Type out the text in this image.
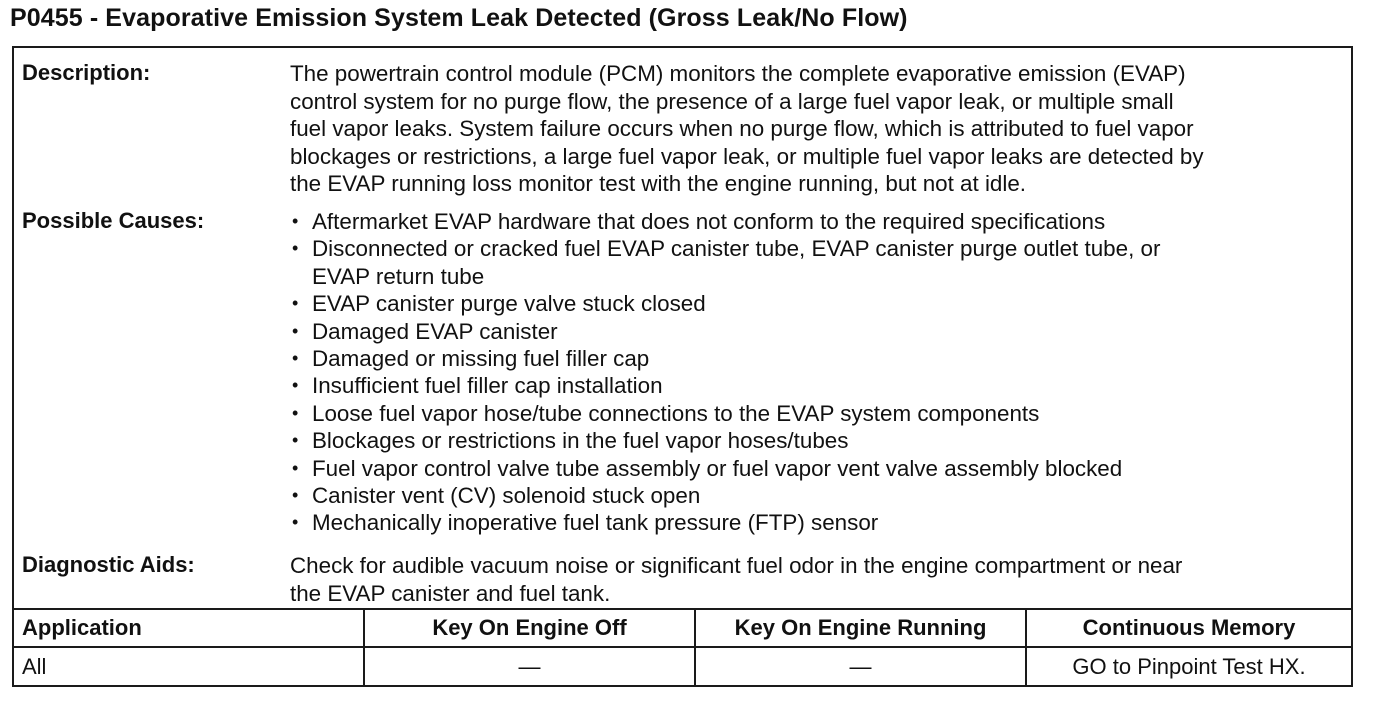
P0455 - Evaporative Emission System Leak Detected (Gross Leak/No Flow)
Description:	The powertrain control module (PCM) monitors the complete evaporative emission (EVAP)
control system for no purge flow, the presence of a large fuel vapor leak, or multiple small
fuel vapor leaks. System failure occurs when no purge flow, which is attributed to fuel vapor
blockages or restrictions, a large fuel vapor leak, or multiple fuel vapor leaks are detected by
the EVAP running loss monitor test with the engine running, but not at idle.
Possible Causes:	• Aftermarket EVAP hardware that does not conform to the required specifications
• Disconnected or cracked fuel EVAP canister tube, EVAP canister purge outlet tube, or
EVAP return tube
• EVAP canister purge valve stuck closed
• Damaged EVAP canister
• Damaged or missing fuel filler cap
• Insufficient fuel filler cap installation
• Loose fuel vapor hose/tube connections to the EVAP system components
• Blockages or restrictions in the fuel vapor hoses/tubes
• Fuel vapor control valve tube assembly or fuel vapor vent valve assembly blocked
• Canister vent (CV) solenoid stuck open
• Mechanically inoperative fuel tank pressure (FTP) sensor
Diagnostic Aids:	Check for audible vacuum noise or significant fuel odor in the engine compartment or near
the EVAP canister and fuel tank.
Application	Key On Engine Off	Key On Engine Running	Continuous Memory
All	—	—	GO to Pinpoint Test HX.
